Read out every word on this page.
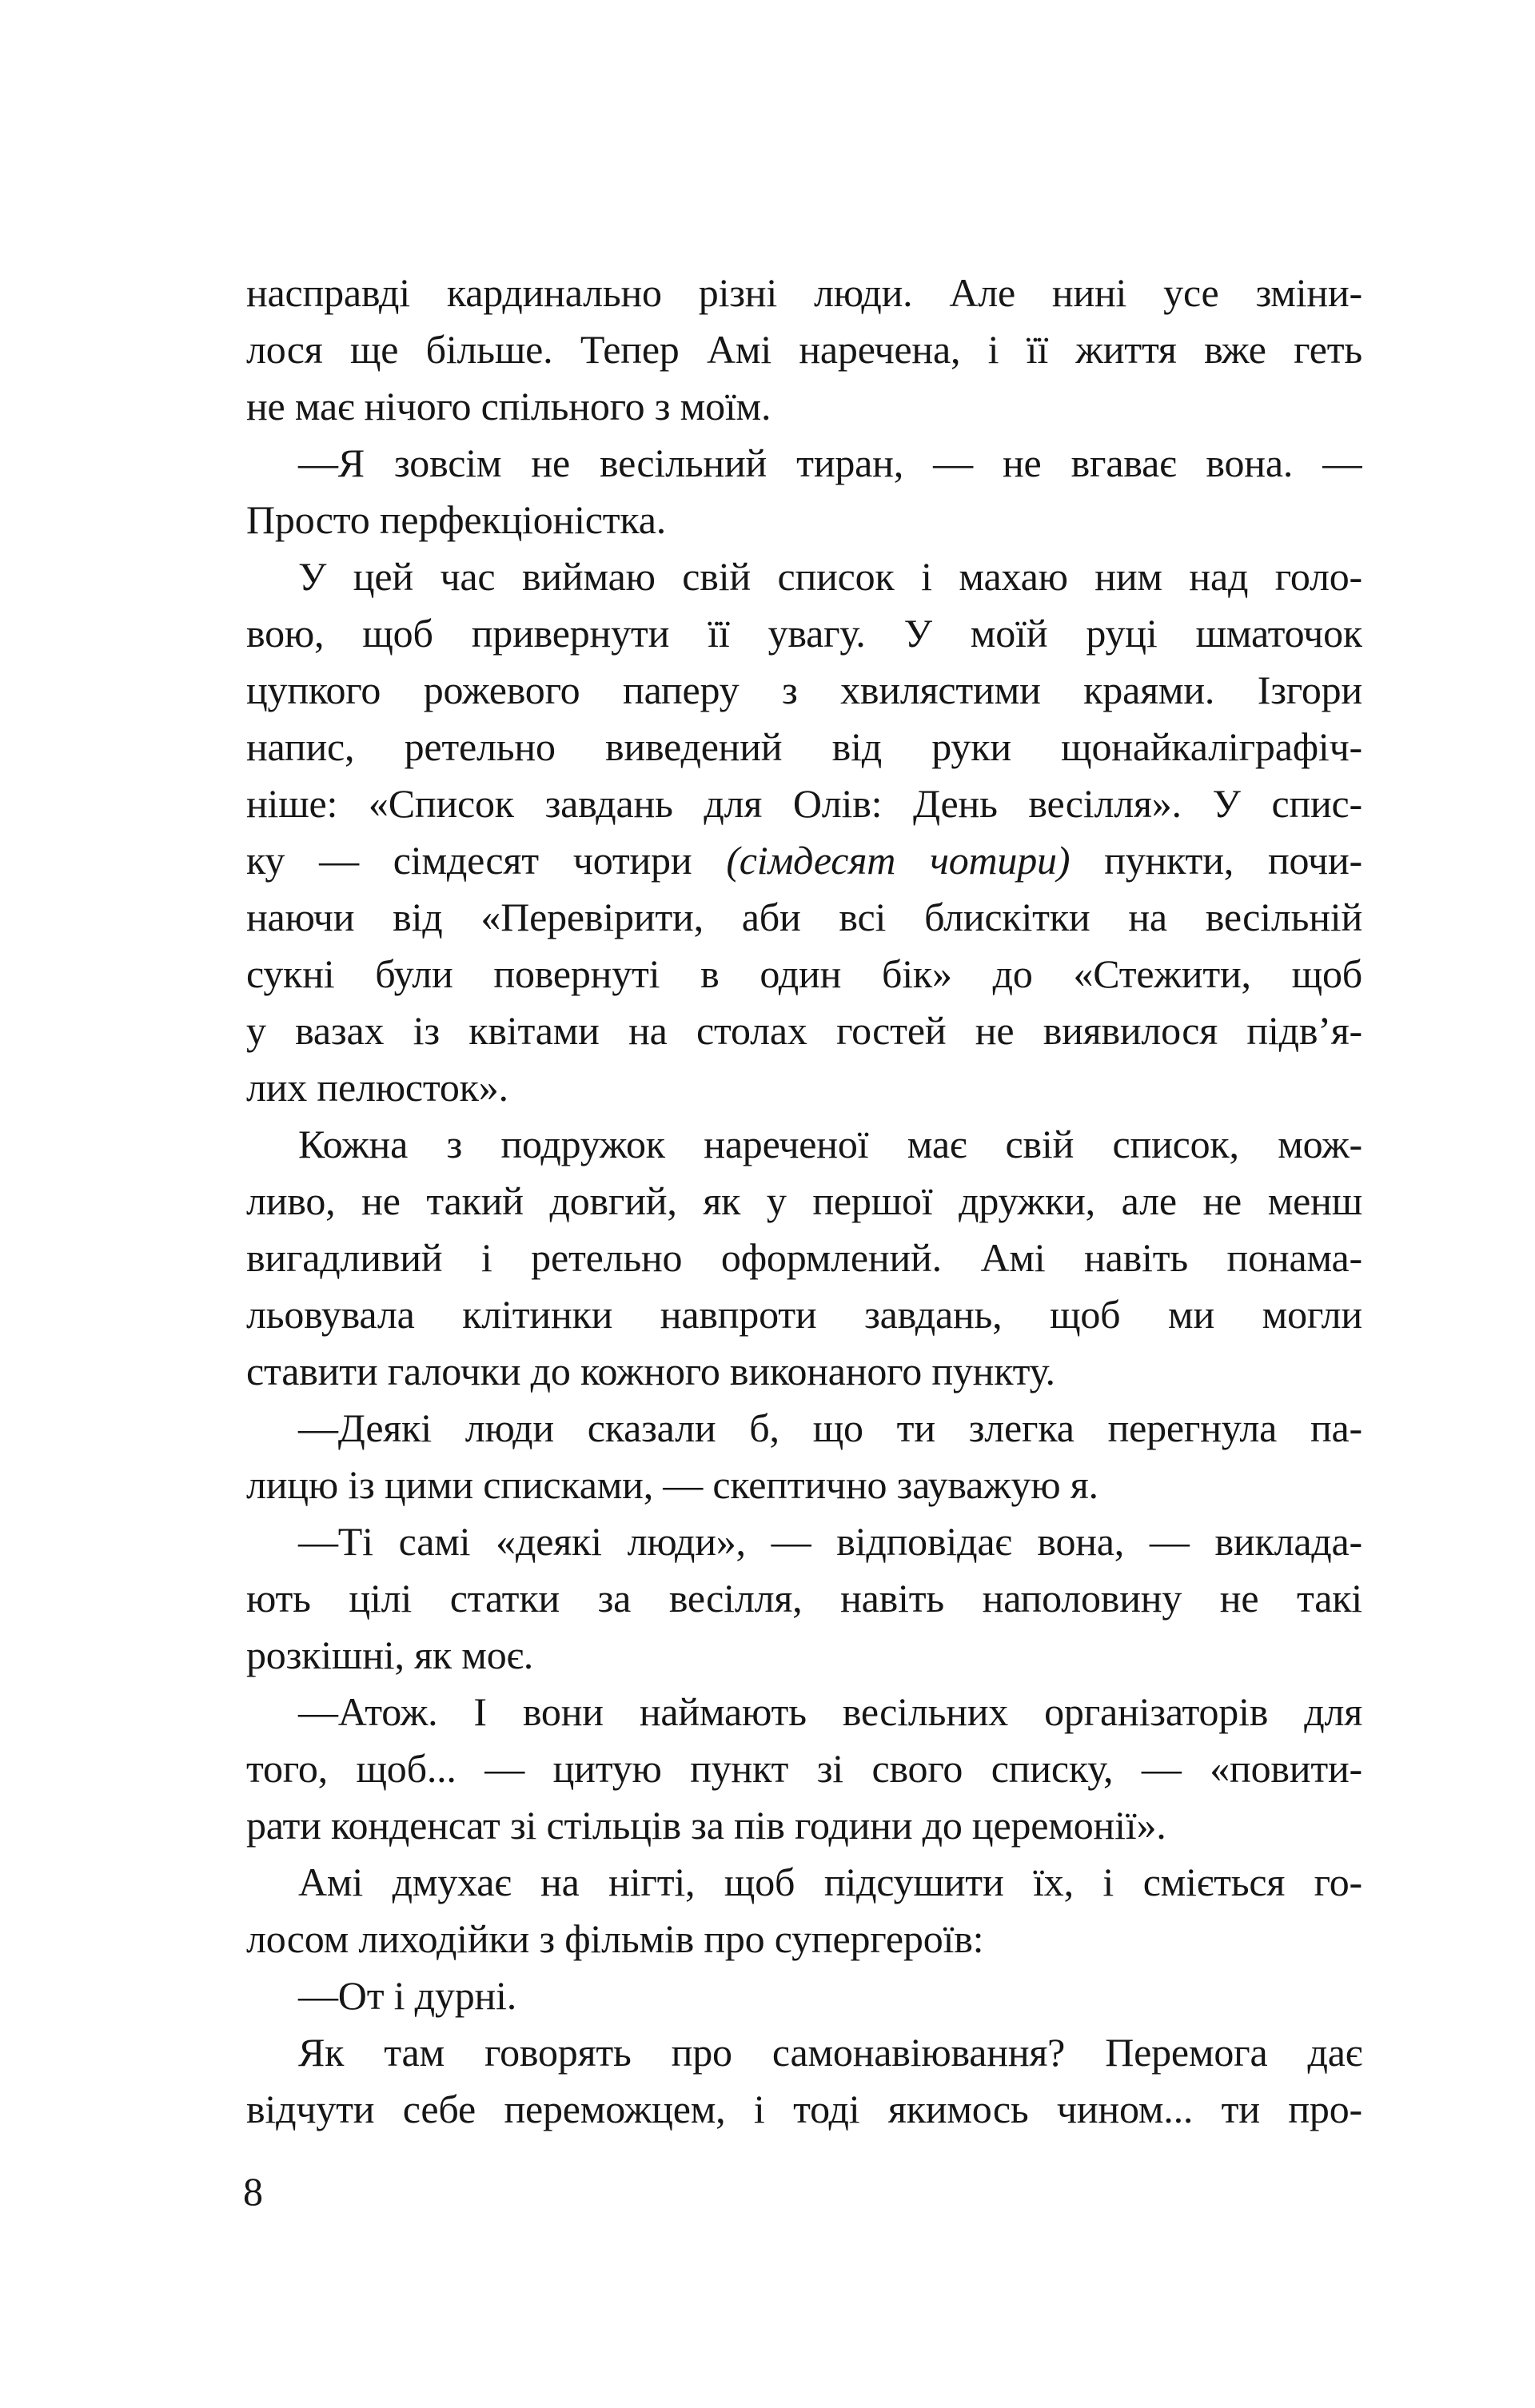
насправді кардинально різні люди. Але нині усе зміни-
лося ще більше. Тепер Амі наречена, і її життя вже геть
не має нічого спільного з моїм.
—Я зовсім не весільний тиран, — не вгаває вона. —
Просто перфекціоністка.
У цей час виймаю свій список і махаю ним над голо-
вою, щоб привернути її увагу. У моїй руці шматочок
цупкого рожевого паперу з хвилястими краями. Ізгори
напис, ретельно виведений від руки щонайкаліграфіч-
ніше: «Список завдань для Олів: День весілля». У спис-
ку — сімдесят чотири (сімдесят чотири) пункти, почи-
наючи від «Перевірити, аби всі блискітки на весільній
сукні були повернуті в один бік» до «Стежити, щоб
у вазах із квітами на столах гостей не виявилося підв’я-
лих пелюсток».
Кожна з подружок нареченої має свій список, мож-
ливо, не такий довгий, як у першої дружки, але не менш
вигадливий і ретельно оформлений. Амі навіть понама-
льовувала клітинки навпроти завдань, щоб ми могли
ставити галочки до кожного виконаного пункту.
—Деякі люди сказали б, що ти злегка перегнула па-
лицю із цими списками, — скептично зауважую я.
—Ті самі «деякі люди», — відповідає вона, — виклада-
ють цілі статки за весілля, навіть наполовину не такі
розкішні, як моє.
—Атож. І вони наймають весільних організаторів для
того, щоб... — цитую пункт зі свого списку, — «повити-
рати конденсат зі стільців за пів години до церемонії».
Амі дмухає на нігті, щоб підсушити їх, і сміється го-
лосом лиходійки з фільмів про супергероїв:
—От і дурні.
Як там говорять про самонавіювання? Перемога дає
відчути себе переможцем, і тоді якимось чином... ти про-
8
